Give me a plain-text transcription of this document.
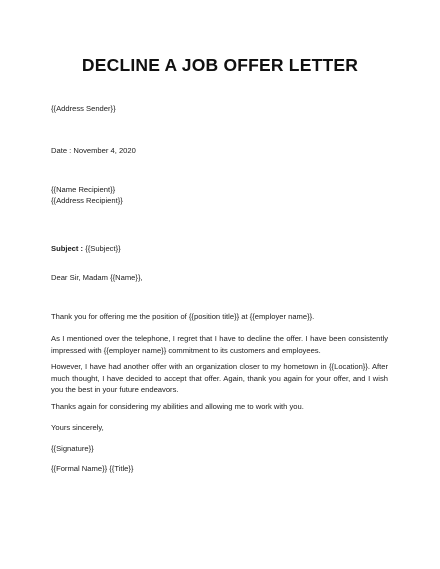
DECLINE A JOB OFFER LETTER
{{Address Sender}}
Date : November 4, 2020
{{Name Recipient}}
{{Address Recipient}}
Subject : {{Subject}}
Dear Sir, Madam {{Name}},
Thank you for offering me the position of {{position title}} at {{employer name}}.
As I mentioned over the telephone, I regret that I have to decline the offer. I have been consistently impressed with {{employer name}} commitment to its customers and employees.
However, I have had another offer with an organization closer to my hometown in {{Location}}. After much thought, I have decided to accept that offer. Again, thank you again for your offer, and I wish you the best in your future endeavors.
Thanks again for considering my abilities and allowing me to work with you.
Yours sincerely,
{{Signature}}
{{Formal Name}} {{Title}}
